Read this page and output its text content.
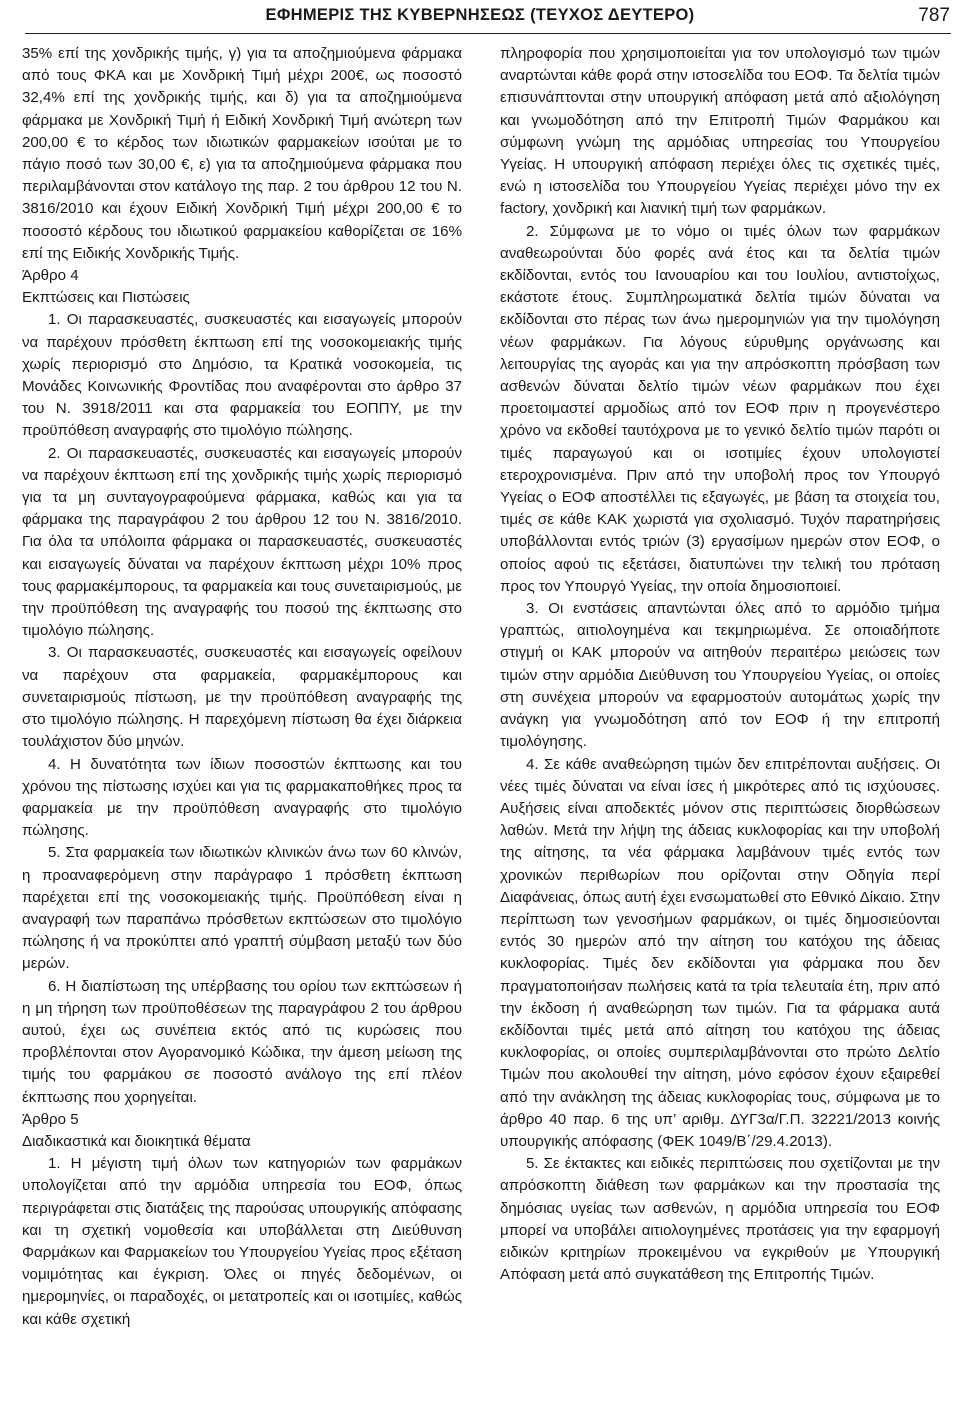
ΕΦΗΜΕΡΙΣ ΤΗΣ ΚΥΒΕΡΝΗΣΕΩΣ (ΤΕΥΧΟΣ ΔΕΥΤΕΡΟ)	787

35% επί της χονδρικής τιμής, γ) για τα αποζημιούμενα φάρμακα από τους ΦΚΑ και με Χονδρική Τιμή μέχρι 200€, ως ποσοστό 32,4% επί της χονδρικής τιμής, και δ) για τα αποζημιούμενα φάρμακα με Χονδρική Τιμή ή Ειδική Χονδρική Τιμή ανώτερη των 200,00 € το κέρδος των ιδιωτικών φαρμακείων ισούται με το πάγιο ποσό των 30,00 €, ε) για τα αποζημιούμενα φάρμακα που περιλαμβάνονται στον κατάλογο της παρ. 2 του άρθρου 12 του Ν. 3816/2010 και έχουν Ειδική Χονδρική Τιμή μέχρι 200,00 € το ποσοστό κέρδους του ιδιωτικού φαρμακείου καθορίζεται σε 16% επί της Ειδικής Χονδρικής Τιμής.

Άρθρο 4

Εκπτώσεις και Πιστώσεις

1. Οι παρασκευαστές, συσκευαστές και εισαγωγείς μπορούν να παρέχουν πρόσθετη έκπτωση επί της νοσοκομειακής τιμής χωρίς περιορισμό στο Δημόσιο, τα Κρατικά νοσοκομεία, τις Μονάδες Κοινωνικής Φροντίδας που αναφέρονται στο άρθρο 37 του Ν. 3918/2011 και στα φαρμακεία του ΕΟΠΠΥ, με την προϋπόθεση αναγραφής στο τιμολόγιο πώλησης.

2. Οι παρασκευαστές, συσκευαστές και εισαγωγείς μπορούν να παρέχουν έκπτωση επί της χονδρικής τιμής χωρίς περιορισμό για τα μη συνταγογραφούμενα φάρμακα, καθώς και για τα φάρμακα της παραγράφου 2 του άρθρου 12 του Ν. 3816/2010. Για όλα τα υπόλοιπα φάρμακα οι παρασκευαστές, συσκευαστές και εισαγωγείς δύναται να παρέχουν έκπτωση μέχρι 10% προς τους φαρμακέμπορους, τα φαρμακεία και τους συνεταιρισμούς, με την προϋπόθεση της αναγραφής του ποσού της έκπτωσης στο τιμολόγιο πώλησης.

3. Οι παρασκευαστές, συσκευαστές και εισαγωγείς οφείλουν να παρέχουν στα φαρμακεία, φαρμακέμπορους και συνεταιρισμούς πίστωση, με την προϋπόθεση αναγραφής της στο τιμολόγιο πώλησης. Η παρεχόμενη πίστωση θα έχει διάρκεια τουλάχιστον δύο μηνών.

4. Η δυνατότητα των ίδιων ποσοστών έκπτωσης και του χρόνου της πίστωσης ισχύει και για τις φαρμακαποθήκες προς τα φαρμακεία με την προϋπόθεση αναγραφής στο τιμολόγιο πώλησης.

5. Στα φαρμακεία των ιδιωτικών κλινικών άνω των 60 κλινών, η προαναφερόμενη στην παράγραφο 1 πρόσθετη έκπτωση παρέχεται επί της νοσοκομειακής τιμής. Προϋπόθεση είναι η αναγραφή των παραπάνω πρόσθετων εκπτώσεων στο τιμολόγιο πώλησης ή να προκύπτει από γραπτή σύμβαση μεταξύ των δύο μερών.

6. Η διαπίστωση της υπέρβασης του ορίου των εκπτώσεων ή η μη τήρηση των προϋποθέσεων της παραγράφου 2 του άρθρου αυτού, έχει ως συνέπεια εκτός από τις κυρώσεις που προβλέπονται στον Αγορανομικό Κώδικα, την άμεση μείωση της τιμής του φαρμάκου σε ποσοστό ανάλογο της επί πλέον έκπτωσης που χορηγείται.

Άρθρο 5

Διαδικαστικά και διοικητικά θέματα

1. Η μέγιστη τιμή όλων των κατηγοριών των φαρμάκων υπολογίζεται από την αρμόδια υπηρεσία του ΕΟΦ, όπως περιγράφεται στις διατάξεις της παρούσας υπουργικής απόφασης και τη σχετική νομοθεσία και υποβάλλεται στη Διεύθυνση Φαρμάκων και Φαρμακείων του Υπουργείου Υγείας προς εξέταση νομιμότητας και έγκριση. Όλες οι πηγές δεδομένων, οι ημερομηνίες, οι παραδοχές, οι μετατροπείς και οι ισοτιμίες, καθώς και κάθε σχετική

πληροφορία που χρησιμοποιείται για τον υπολογισμό των τιμών αναρτώνται κάθε φορά στην ιστοσελίδα του ΕΟΦ. Τα δελτία τιμών επισυνάπτονται στην υπουργική απόφαση μετά από αξιολόγηση και γνωμοδότηση από την Επιτροπή Τιμών Φαρμάκου και σύμφωνη γνώμη της αρμόδιας υπηρεσίας του Υπουργείου Υγείας. Η υπουργική απόφαση περιέχει όλες τις σχετικές τιμές, ενώ η ιστοσελίδα του Υπουργείου Υγείας περιέχει μόνο την ex factory, χονδρική και λιανική τιμή των φαρμάκων.

2. Σύμφωνα με το νόμο οι τιμές όλων των φαρμάκων αναθεωρούνται δύο φορές ανά έτος και τα δελτία τιμών εκδίδονται, εντός του Ιανουαρίου και του Ιουλίου, αντιστοίχως, εκάστοτε έτους. Συμπληρωματικά δελτία τιμών δύναται να εκδίδονται στο πέρας των άνω ημερομηνιών για την τιμολόγηση νέων φαρμάκων. Για λόγους εύρυθμης οργάνωσης και λειτουργίας της αγοράς και για την απρόσκοπτη πρόσβαση των ασθενών δύναται δελτίο τιμών νέων φαρμάκων που έχει προετοιμαστεί αρμοδίως από τον ΕΟΦ πριν η προγενέστερο χρόνο να εκδοθεί ταυτόχρονα με το γενικό δελτίο τιμών παρότι οι τιμές παραγωγού και οι ισοτιμίες έχουν υπολογιστεί ετεροχρονισμένα. Πριν από την υποβολή προς τον Υπουργό Υγείας ο ΕΟΦ αποστέλλει τις εξαγωγές, με βάση τα στοιχεία του, τιμές σε κάθε ΚΑΚ χωριστά για σχολιασμό. Τυχόν παρατηρήσεις υποβάλλονται εντός τριών (3) εργασίμων ημερών στον ΕΟΦ, ο οποίος αφού τις εξετάσει, διατυπώνει την τελική του πρόταση προς τον Υπουργό Υγείας, την οποία δημοσιοποιεί.

3. Οι ενστάσεις απαντώνται όλες από το αρμόδιο τμήμα γραπτώς, αιτιολογημένα και τεκμηριωμένα. Σε οποιαδήποτε στιγμή οι ΚΑΚ μπορούν να αιτηθούν περαιτέρω μειώσεις των τιμών στην αρμόδια Διεύθυνση του Υπουργείου Υγείας, οι οποίες στη συνέχεια μπορούν να εφαρμοστούν αυτομάτως χωρίς την ανάγκη για γνωμοδότηση από τον ΕΟΦ ή την επιτροπή τιμολόγησης.

4. Σε κάθε αναθεώρηση τιμών δεν επιτρέπονται αυξήσεις. Οι νέες τιμές δύναται να είναι ίσες ή μικρότερες από τις ισχύουσες. Αυξήσεις είναι αποδεκτές μόνον στις περιπτώσεις διορθώσεων λαθών. Μετά την λήψη της άδειας κυκλοφορίας και την υποβολή της αίτησης, τα νέα φάρμακα λαμβάνουν τιμές εντός των χρονικών περιθωρίων που ορίζονται στην Οδηγία περί Διαφάνειας, όπως αυτή έχει ενσωματωθεί στο Εθνικό Δίκαιο. Στην περίπτωση των γενοσήμων φαρμάκων, οι τιμές δημοσιεύονται εντός 30 ημερών από την αίτηση του κατόχου της άδειας κυκλοφορίας. Τιμές δεν εκδίδονται για φάρμακα που δεν πραγματοποιήσαν πωλήσεις κατά τα τρία τελευταία έτη, πριν από την έκδοση ή αναθεώρηση των τιμών. Για τα φάρμακα αυτά εκδίδονται τιμές μετά από αίτηση του κατόχου της άδειας κυκλοφορίας, οι οποίες συμπεριλαμβάνονται στο πρώτο Δελτίο Τιμών που ακολουθεί την αίτηση, μόνο εφόσον έχουν εξαιρεθεί από την ανάκληση της άδειας κυκλοφορίας τους, σύμφωνα με το άρθρο 40 παρ. 6 της υπ’ αριθμ. ΔΥΓ3α/Γ.Π. 32221/2013 κοινής υπουργικής απόφασης (ΦΕΚ 1049/Β΄/29.4.2013).

5. Σε έκτακτες και ειδικές περιπτώσεις που σχετίζονται με την απρόσκοπτη διάθεση των φαρμάκων και την προστασία της δημόσιας υγείας των ασθενών, η αρμόδια υπηρεσία του ΕΟΦ μπορεί να υποβάλει αιτιολογημένες προτάσεις για την εφαρμογή ειδικών κριτηρίων προκειμένου να εγκριθούν με Υπουργική Απόφαση μετά από συγκατάθεση της Επιτροπής Τιμών.
